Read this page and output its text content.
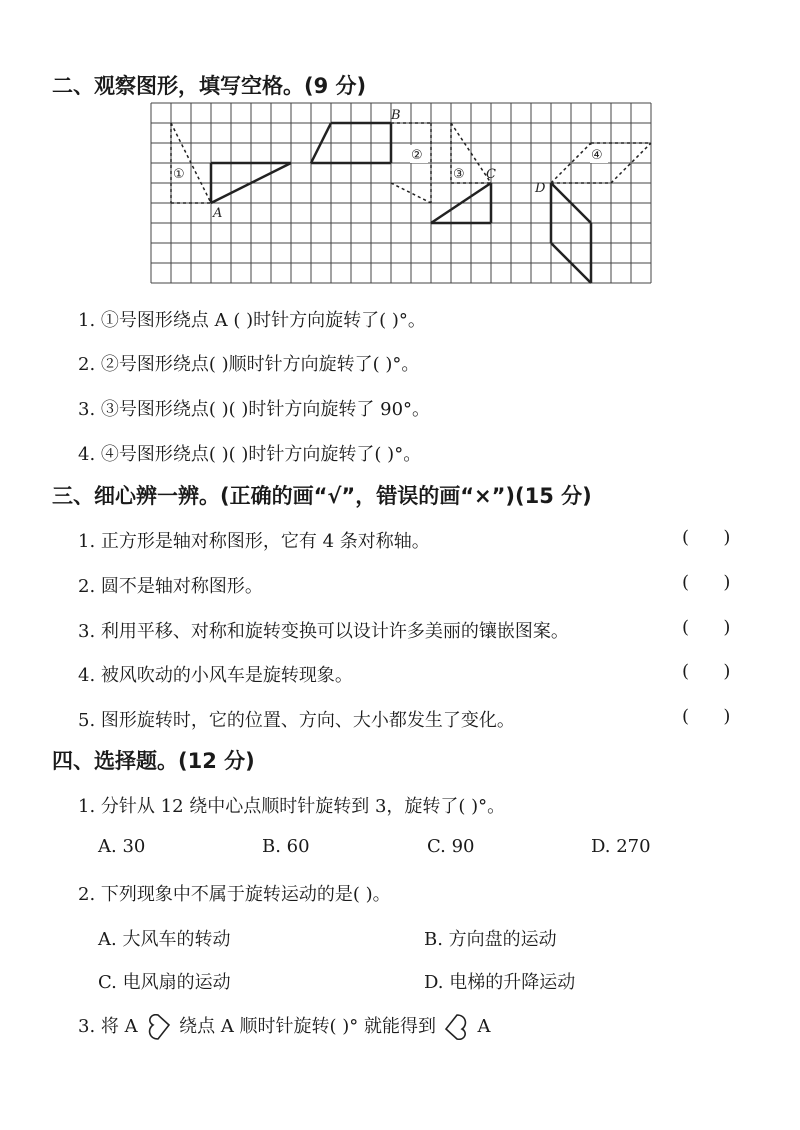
二、观察图形，填写空格。(9 分)
A
B
C
D
①
②
③
④
1. ①号图形绕点 A ( )时针方向旋转了( )°。
2. ②号图形绕点( )顺时针方向旋转了( )°。
3. ③号图形绕点( )( )时针方向旋转了 90°。
4. ④号图形绕点( )( )时针方向旋转了( )°。
三、细心辨一辨。(正确的画“√”，错误的画“×”)(15 分)
1. 正方形是轴对称图形，它有 4 条对称轴。	(      )
2. 圆不是轴对称图形。	(      )
3. 利用平移、对称和旋转变换可以设计许多美丽的镶嵌图案。	(      )
4. 被风吹动的小风车是旋转现象。	(      )
5. 图形旋转时，它的位置、方向、大小都发生了变化。	(      )
四、选择题。(12 分)
1. 分针从 12 绕中心点顺时针旋转到 3，旋转了( )°。
A. 30	B. 60	C. 90	D. 270
2. 下列现象中不属于旋转运动的是( )。
A. 大风车的转动	B. 方向盘的运动
C. 电风扇的运动	D. 电梯的升降运动
3. 将 A 绕点 A 顺时针旋转( )° 就能得到 A
